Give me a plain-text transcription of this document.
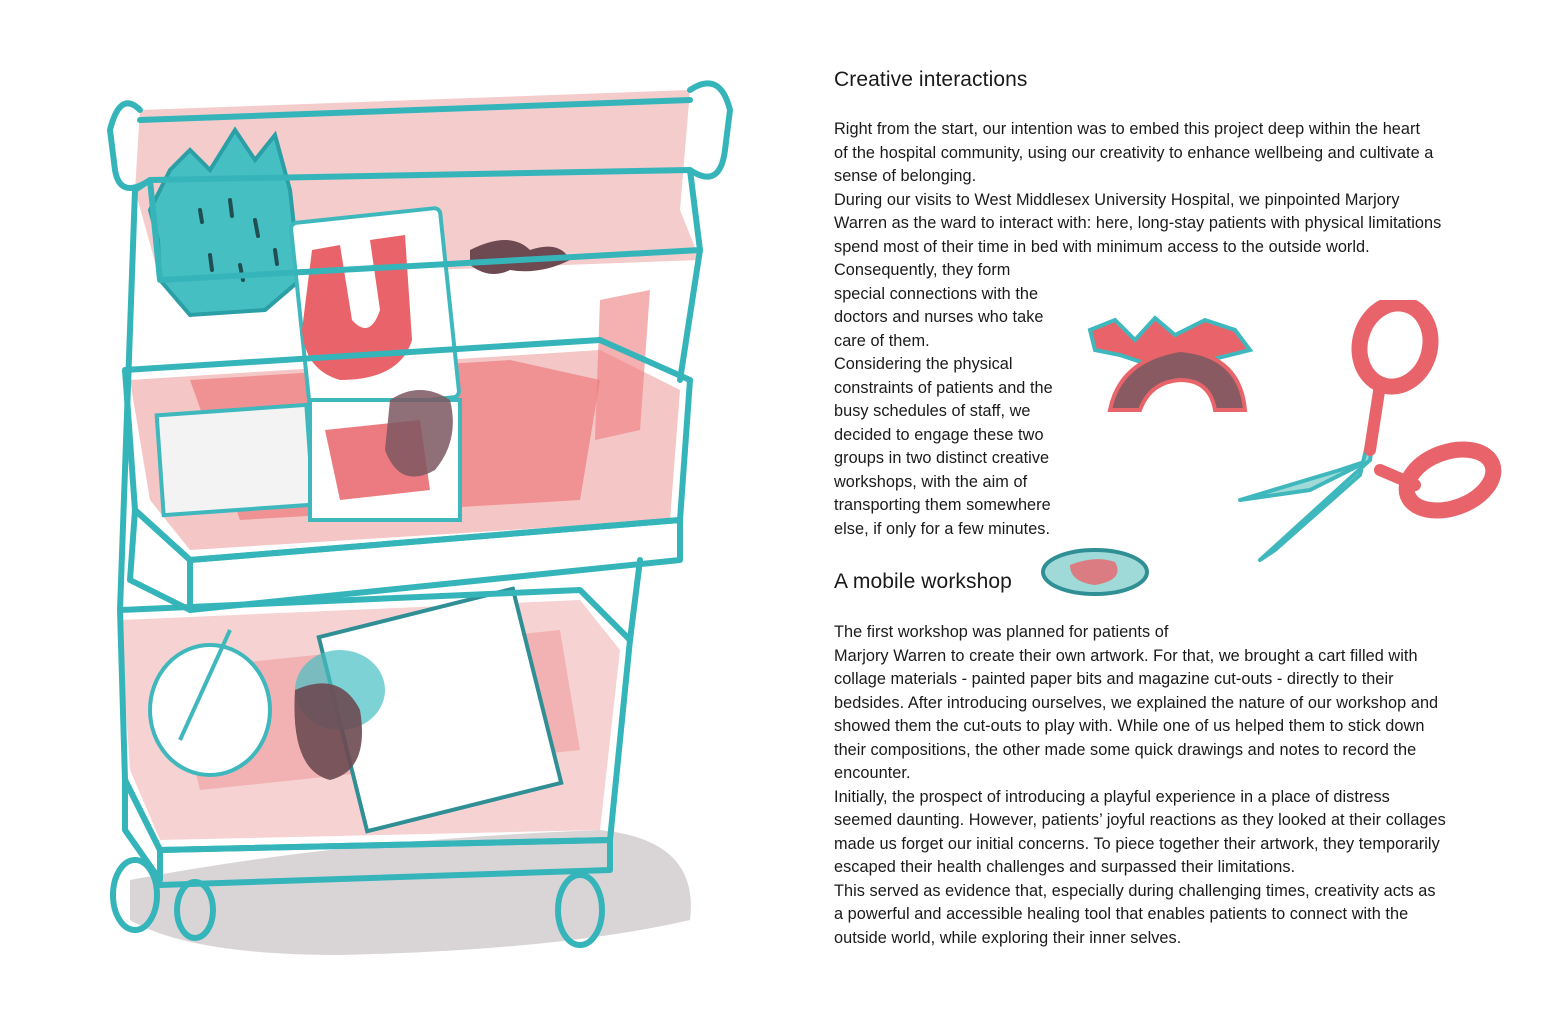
Creative interactions
Right from the start, our intention was to embed this project deep within the heart
of the hospital community, using our creativity to enhance wellbeing and cultivate a
sense of belonging.
During our visits to West Middlesex University Hospital, we pinpointed Marjory
Warren as the ward to interact with: here, long-stay patients with physical limitations
spend most of their time in bed with minimum access to the outside world.
Consequently, they form
special connections with the
doctors and nurses who take
care of them.
Considering the physical
constraints of patients and the
busy schedules of staff, we
decided to engage these two
groups in two distinct creative
workshops, with the aim of
transporting them somewhere
else, if only for a few minutes.
A mobile workshop
The first workshop was planned for patients of
Marjory Warren to create their own artwork. For that, we brought a cart filled with
collage materials - painted paper bits and magazine cut-outs - directly to their
bedsides. After introducing ourselves, we explained the nature of our workshop and
showed them the cut-outs to play with. While one of us helped them to stick down
their compositions, the other made some quick drawings and notes to record the
encounter.
Initially, the prospect of introducing a playful experience in a place of distress
seemed daunting. However, patients’ joyful reactions as they looked at their collages
made us forget our initial concerns. To piece together their artwork, they temporarily
escaped their health challenges and surpassed their limitations.
This served as evidence that, especially during challenging times, creativity acts as
a powerful and accessible healing tool that enables patients to connect with the
outside world, while exploring their inner selves.
